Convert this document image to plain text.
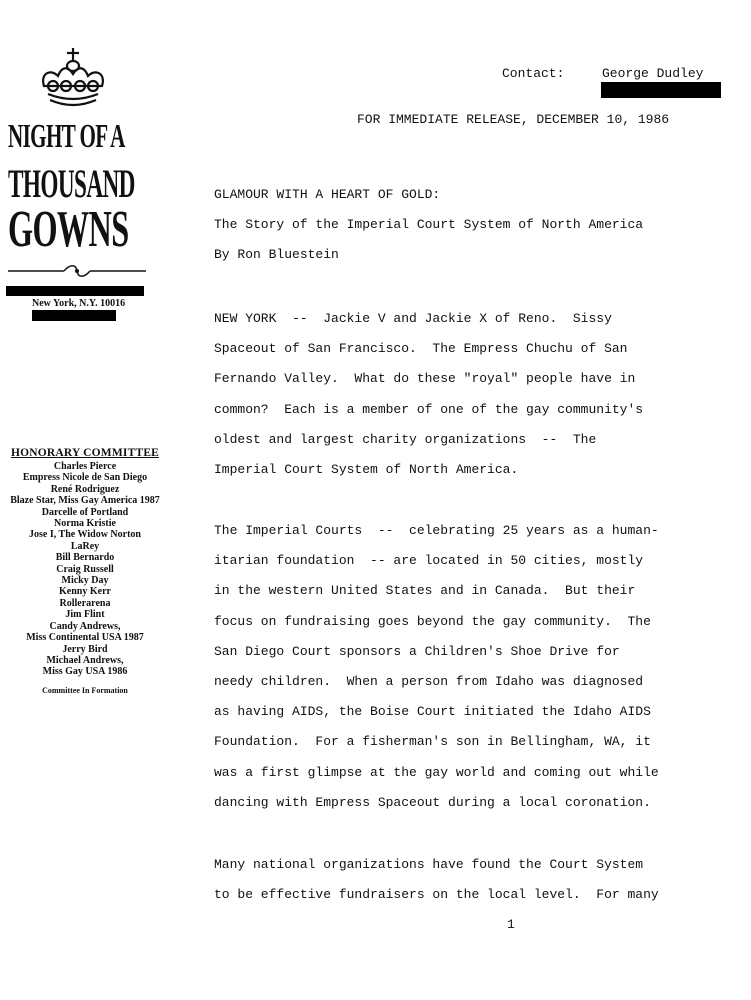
NIGHT OF A
THOUSAND
GOWNS
New York, N.Y. 10016
HONORARY COMMITTEE
Charles Pierce
Empress Nicole de San Diego
René Rodriguez
Blaze Star, Miss Gay America 1987
Darcelle of Portland
Norma Kristie
Jose I, The Widow Norton
LaRey
Bill Bernardo
Craig Russell
Micky Day
Kenny Kerr
Rollerarena
Jim Flint
Candy Andrews,
Miss Continental USA 1987
Jerry Bird
Michael Andrews,
Miss Gay USA 1986
Committee In Formation
Contact:	George Dudley
FOR IMMEDIATE RELEASE, DECEMBER 10, 1986
GLAMOUR WITH A HEART OF GOLD:
The Story of the Imperial Court System of North America
By Ron Bluestein
NEW YORK  --  Jackie V and Jackie X of Reno.  Sissy
Spaceout of San Francisco.  The Empress Chuchu of San
Fernando Valley.  What do these "royal" people have in
common?  Each is a member of one of the gay community's
oldest and largest charity organizations  --  The
Imperial Court System of North America.
The Imperial Courts  --  celebrating 25 years as a human-
itarian foundation  -- are located in 50 cities, mostly
in the western United States and in Canada.  But their
focus on fundraising goes beyond the gay community.  The
San Diego Court sponsors a Children's Shoe Drive for
needy children.  When a person from Idaho was diagnosed
as having AIDS, the Boise Court initiated the Idaho AIDS
Foundation.  For a fisherman's son in Bellingham, WA, it
was a first glimpse at the gay world and coming out while
dancing with Empress Spaceout during a local coronation.
Many national organizations have found the Court System
to be effective fundraisers on the local level.  For many
1
